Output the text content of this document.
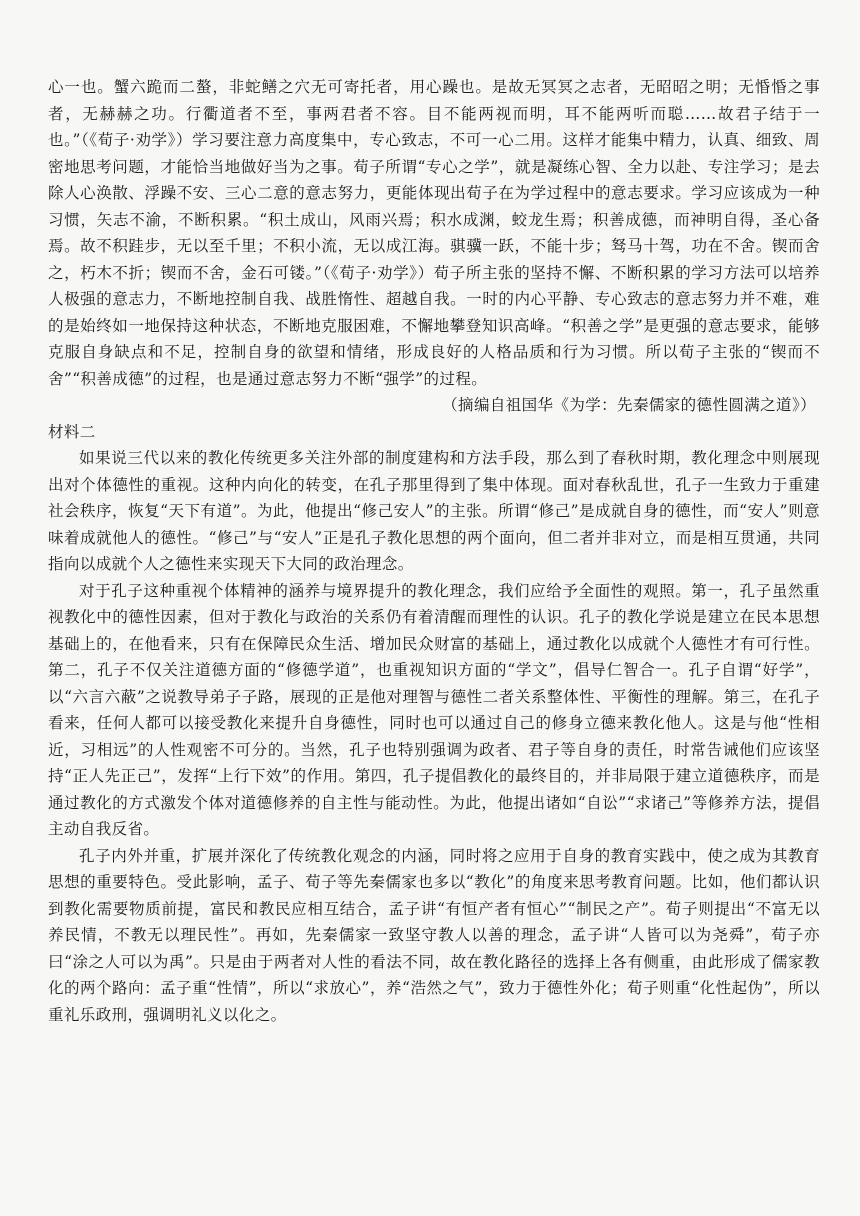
心一也。蟹六跪而二螯，非蛇鳝之穴无可寄托者，用心躁也。是故无冥冥之志者，无昭昭之明；无惛惛之事者，无赫赫之功。行衢道者不至，事两君者不容。目不能两视而明，耳不能两听而聪……故君子结于一也。”（《荀子·劝学》）学习要注意力高度集中，专心致志，不可一心二用。这样才能集中精力，认真、细致、周密地思考问题，才能恰当地做好当为之事。荀子所谓“专心之学”，就是凝练心智、全力以赴、专注学习；是去除人心涣散、浮躁不安、三心二意的意志努力，更能体现出荀子在为学过程中的意志要求。学习应该成为一种习惯，矢志不渝，不断积累。“积土成山，风雨兴焉；积水成渊，蛟龙生焉；积善成德，而神明自得，圣心备焉。故不积跬步，无以至千里；不积小流，无以成江海。骐骥一跃，不能十步；驽马十驾，功在不舍。锲而舍之，朽木不折；锲而不舍，金石可镂。”（《荀子·劝学》）荀子所主张的坚持不懈、不断积累的学习方法可以培养人极强的意志力，不断地控制自我、战胜惰性、超越自我。一时的内心平静、专心致志的意志努力并不难，难的是始终如一地保持这种状态，不断地克服困难，不懈地攀登知识高峰。“积善之学”是更强的意志要求，能够克服自身缺点和不足，控制自身的欲望和情绪，形成良好的人格品质和行为习惯。所以荀子主张的“锲而不舍”“积善成德”的过程，也是通过意志努力不断“强学”的过程。

（摘编自祖国华《为学：先秦儒家的德性圆满之道》）

材料二

如果说三代以来的教化传统更多关注外部的制度建构和方法手段，那么到了春秋时期，教化理念中则展现出对个体德性的重视。这种内向化的转变，在孔子那里得到了集中体现。面对春秋乱世，孔子一生致力于重建社会秩序，恢复“天下有道”。为此，他提出“修己安人”的主张。所谓“修己”是成就自身的德性，而“安人”则意味着成就他人的德性。“修己”与“安人”正是孔子教化思想的两个面向，但二者并非对立，而是相互贯通，共同指向以成就个人之德性来实现天下大同的政治理念。

对于孔子这种重视个体精神的涵养与境界提升的教化理念，我们应给予全面性的观照。第一，孔子虽然重视教化中的德性因素，但对于教化与政治的关系仍有着清醒而理性的认识。孔子的教化学说是建立在民本思想基础上的，在他看来，只有在保障民众生活、增加民众财富的基础上，通过教化以成就个人德性才有可行性。第二，孔子不仅关注道德方面的“修德学道”，也重视知识方面的“学文”，倡导仁智合一。孔子自谓“好学”，以“六言六蔽”之说教导弟子子路，展现的正是他对理智与德性二者关系整体性、平衡性的理解。第三，在孔子看来，任何人都可以接受教化来提升自身德性，同时也可以通过自己的修身立德来教化他人。这是与他“性相近，习相远”的人性观密不可分的。当然，孔子也特别强调为政者、君子等自身的责任，时常告诫他们应该坚持“正人先正己”，发挥“上行下效”的作用。第四，孔子提倡教化的最终目的，并非局限于建立道德秩序，而是通过教化的方式激发个体对道德修养的自主性与能动性。为此，他提出诸如“自讼”“求诸己”等修养方法，提倡主动自我反省。

孔子内外并重，扩展并深化了传统教化观念的内涵，同时将之应用于自身的教育实践中，使之成为其教育思想的重要特色。受此影响，孟子、荀子等先秦儒家也多以“教化”的角度来思考教育问题。比如，他们都认识到教化需要物质前提，富民和教民应相互结合，孟子讲“有恒产者有恒心”“制民之产”。荀子则提出“不富无以养民情，不教无以理民性”。再如，先秦儒家一致坚守教人以善的理念，孟子讲“人皆可以为尧舜”，荀子亦曰“涂之人可以为禹”。只是由于两者对人性的看法不同，故在教化路径的选择上各有侧重，由此形成了儒家教化的两个路向：孟子重“性情”，所以“求放心”，养“浩然之气”，致力于德性外化；荀子则重“化性起伪”，所以重礼乐政刑，强调明礼义以化之。
